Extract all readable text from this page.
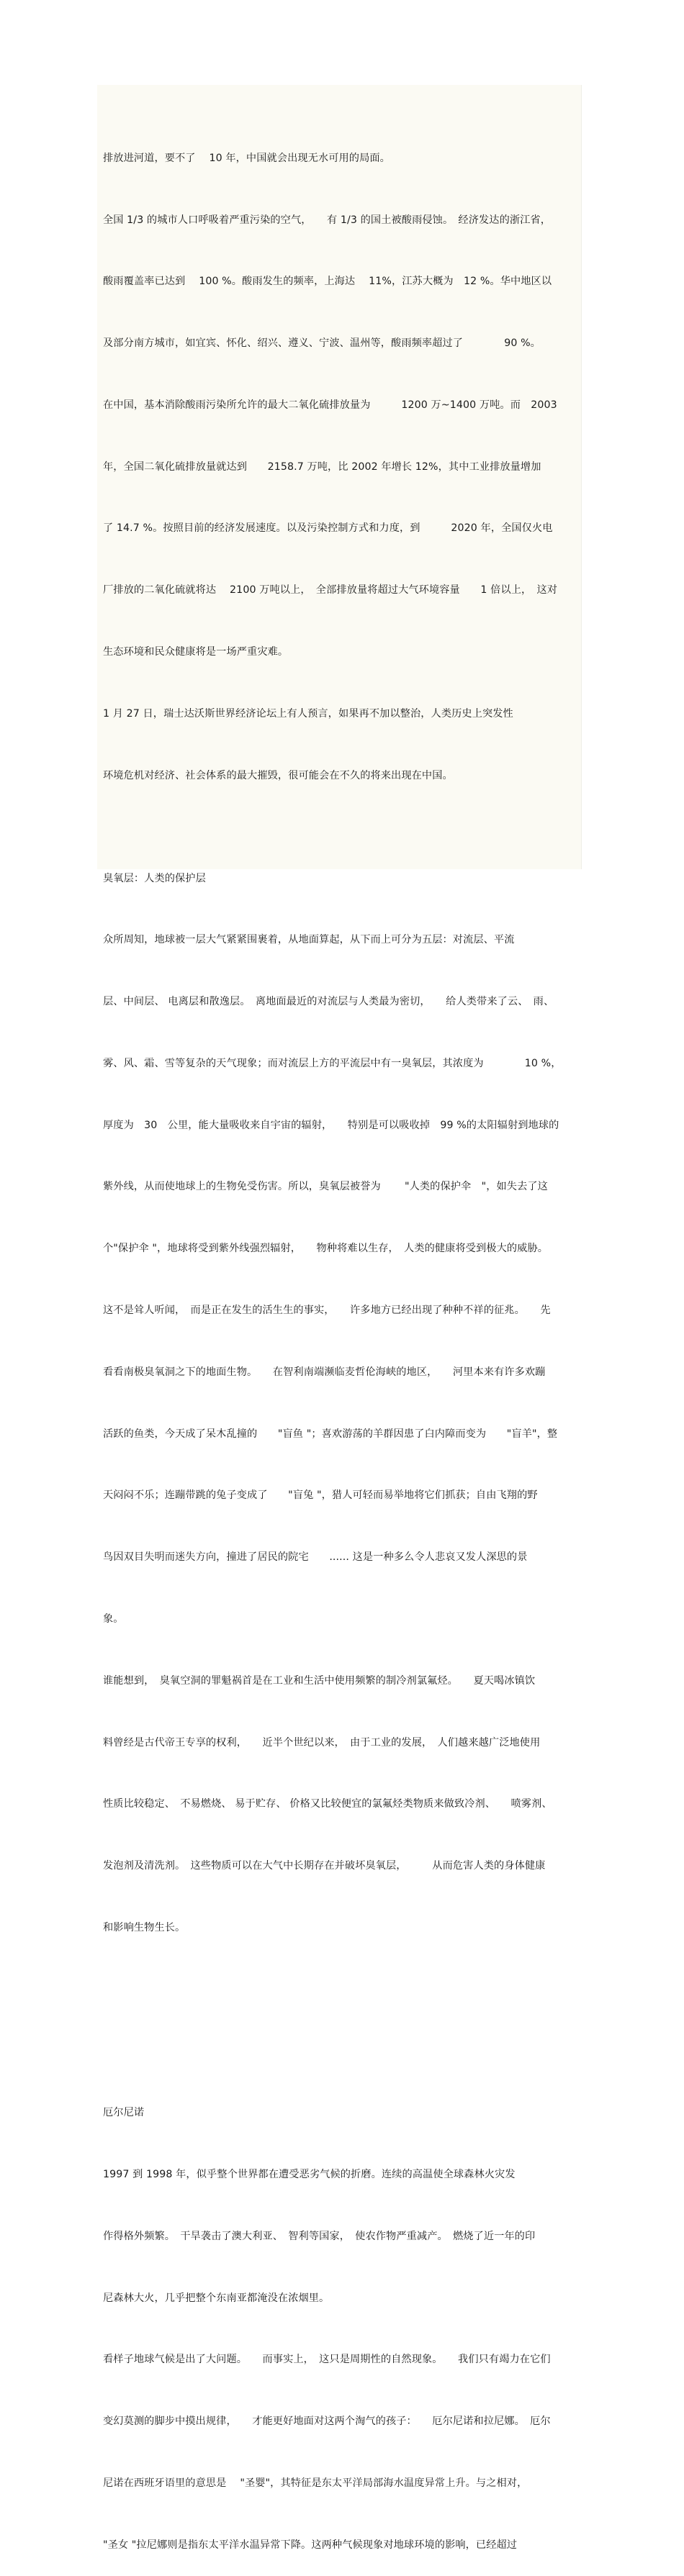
排放进河道，要不了　 10 年，中国就会出现无水可用的局面。

全国 1/3 的城市人口呼吸着严重污染的空气，　　有 1/3 的国土被酸雨侵蚀。　经济发达的浙江省，

酸雨覆盖率已达到　 100 %。酸雨发生的频率，上海达　 11%，江苏大概为　12 %。华中地区以

及部分南方城市，如宜宾、怀化、绍兴、遵义、宁波、温州等，酸雨频率超过了　　　　90 %。

在中国，基本消除酸雨污染所允许的最大二氧化硫排放量为　　　1200 万~1400 万吨。而　2003

年，全国二氧化硫排放量就达到　　2158.7 万吨，比 2002 年增长 12%，其中工业排放量增加

了 14.7 %。按照目前的经济发展速度。以及污染控制方式和力度，到　　　2020 年，全国仅火电

厂排放的二氧化硫就将达　 2100 万吨以上，　全部排放量将超过大气环境容量　　1 倍以上，　这对

生态环境和民众健康将是一场严重灾难。

1 月 27 日，瑞士达沃斯世界经济论坛上有人预言，如果再不加以整治，人类历史上突发性

环境危机对经济、社会体系的最大摧毁，很可能会在不久的将来出现在中国。

臭氧层：人类的保护层

众所周知，地球被一层大气紧紧围裹着，从地面算起，从下而上可分为五层：对流层、平流

层、中间层、 电离层和散逸层。　离地面最近的对流层与人类最为密切，　　给人类带来了云、　雨、

雾、风、霜、雪等复杂的天气现象；而对流层上方的平流层中有一臭氧层，其浓度为　　　　10 %，

厚度为　30　公里，能大量吸收来自宇宙的辐射，　　特别是可以吸收掉　99 %的太阳辐射到地球的

紫外线，从而使地球上的生物免受伤害。所以，臭氧层被誉为　　 "人类的保护伞　"，如失去了这

个"保护伞 "，地球将受到紫外线强烈辐射，　　物种将难以生存，　人类的健康将受到极大的威胁。

这不是耸人听闻，　而是正在发生的活生生的事实，　　许多地方已经出现了种种不祥的征兆。　　先

看看南极臭氧洞之下的地面生物。　　在智利南端濒临麦哲伦海峡的地区，　　河里本来有许多欢蹦

活跃的鱼类，今天成了呆木乱撞的　　"盲鱼 "；喜欢游荡的羊群因患了白内障而变为　　"盲羊"，整

天闷闷不乐；连蹦带跳的兔子变成了　　"盲兔 "，猎人可轻而易举地将它们抓获；自由飞翔的野

鸟因双目失明而迷失方向，撞进了居民的院宅　　...... 这是一种多么令人悲哀又发人深思的景

象。

谁能想到，　臭氧空洞的罪魁祸首是在工业和生活中使用频繁的制冷剂氯氟烃。　　夏天喝冰镇饮

料曾经是古代帝王专享的权利，　　近半个世纪以来，　由于工业的发展，　人们越来越广泛地使用

性质比较稳定、　不易燃烧、 易于贮存、 价格又比较便宜的氯氟烃类物质来做致冷剂、　　喷雾剂、

发泡剂及清洗剂。　这些物质可以在大气中长期存在并破坏臭氧层，　　　从而危害人类的身体健康

和影响生物生长。

厄尔尼诺

1997 到 1998 年，似乎整个世界都在遭受恶劣气候的折磨。连续的高温使全球森林火灾发

作得格外频繁。　干旱袭击了澳大利亚、　智利等国家，　使农作物严重减产。　燃烧了近一年的印

尼森林大火，几乎把整个东南亚都淹没在浓烟里。

看样子地球气候是出了大问题。　　而事实上，　这只是周期性的自然现象。　　我们只有竭力在它们

变幻莫测的脚步中摸出规律，　　才能更好地面对这两个淘气的孩子：　　厄尔尼诺和拉尼娜。　厄尔

尼诺在西班牙语里的意思是　 "圣婴"，其特征是东太平洋局部海水温度异常上升。与之相对，

"圣女 "拉尼娜则是指东太平洋水温异常下降。这两种气候现象对地球环境的影响，已经超过
